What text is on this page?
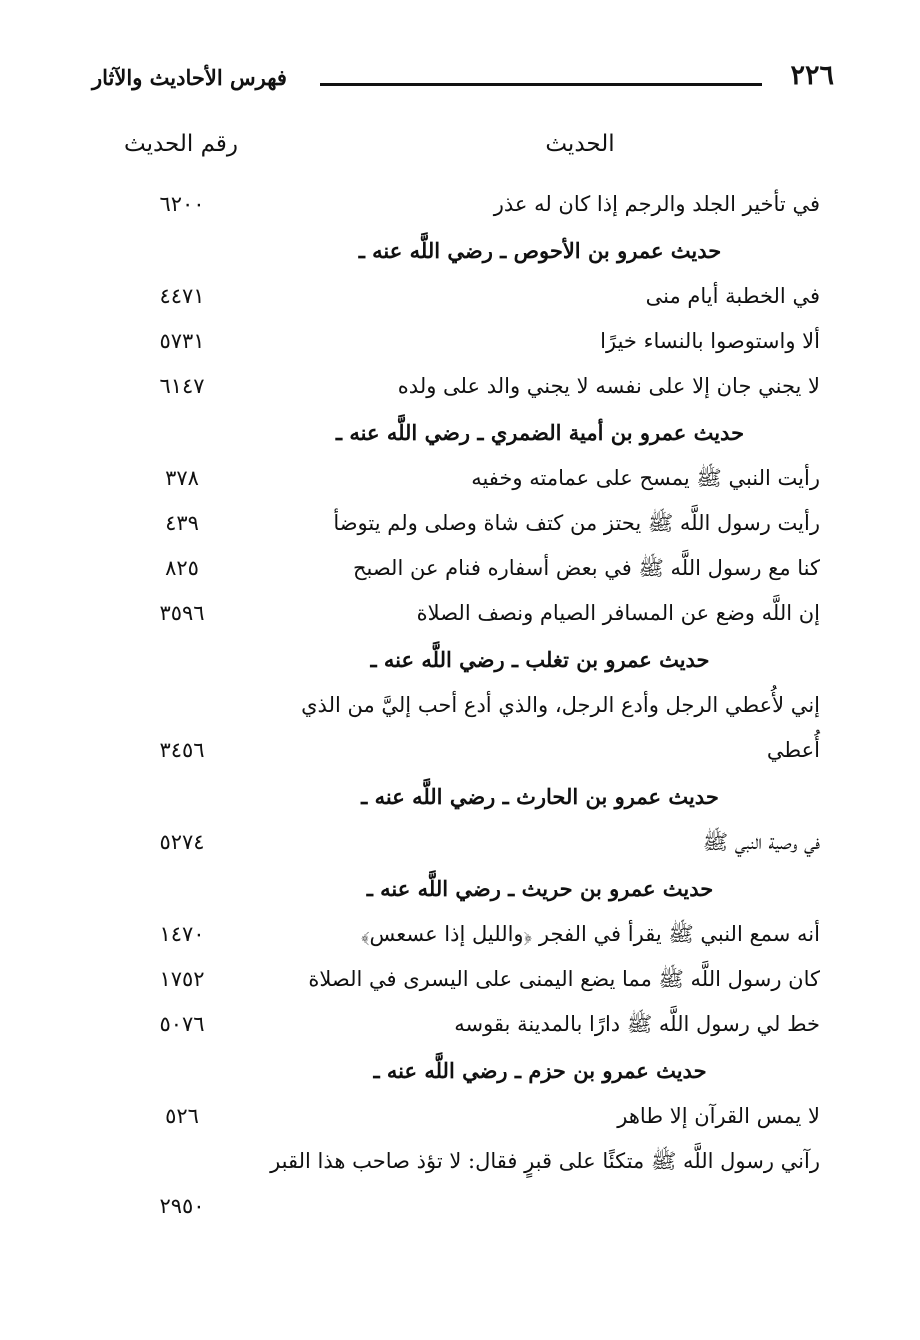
٢٢٦
فهرس الأحاديث والآثار
الحديث
رقم الحديث
في تأخير الجلد والرجم إذا كان له عذر
٦٢٠٠
حديث عمرو بن الأحوص ـ رضي اللَّه عنه ـ
في الخطبة أيام منى
٤٤٧١
ألا واستوصوا بالنساء خيرًا
٥٧٣١
لا يجني جان إلا على نفسه لا يجني والد على ولده
٦١٤٧
حديث عمرو بن أمية الضمري ـ رضي اللَّه عنه ـ
رأيت النبي ﷺ يمسح على عمامته وخفيه
٣٧٨
رأيت رسول اللَّه ﷺ يحتز من كتف شاة وصلى ولم يتوضأ
٤٣٩
كنا مع رسول اللَّه ﷺ في بعض أسفاره فنام عن الصبح
٨٢٥
إن اللَّه وضع عن المسافر الصيام ونصف الصلاة
٣٥٩٦
حديث عمرو بن تغلب ـ رضي اللَّه عنه ـ
إني لأُعطي الرجل وأدع الرجل، والذي أدع أحب إليَّ من الذي أُعطي
٣٤٥٦
حديث عمرو بن الحارث ـ رضي اللَّه عنه ـ
في وصية النبي ﷺ
٥٢٧٤
حديث عمرو بن حريث ـ رضي اللَّه عنه ـ
أنه سمع النبي ﷺ يقرأ في الفجر ﴿والليل إذا عسعس﴾
١٤٧٠
كان رسول اللَّه ﷺ مما يضع اليمنى على اليسرى في الصلاة
١٧٥٢
خط لي رسول اللَّه ﷺ دارًا بالمدينة بقوسه
٥٠٧٦
حديث عمرو بن حزم ـ رضي اللَّه عنه ـ
لا يمس القرآن إلا طاهر
٥٢٦
رآني رسول اللَّه ﷺ متكئًا على قبرٍ فقال: لا تؤذ صاحب هذا القبر
٢٩٥٠
